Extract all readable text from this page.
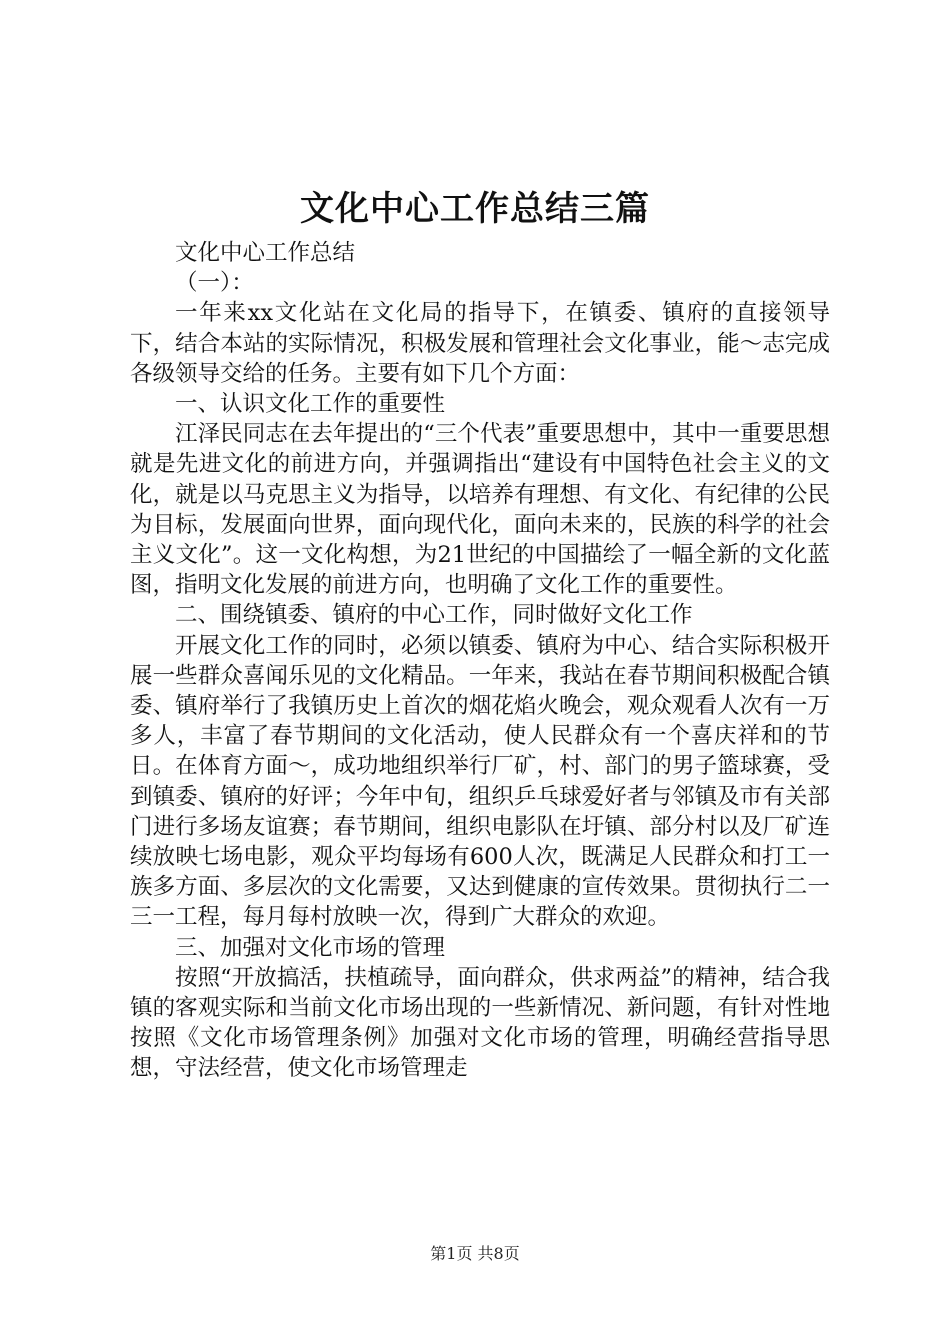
文化中心工作总结三篇

文化中心工作总结

（一）：

一年来xx文化站在文化局的指导下，在镇委、镇府的直接领导下，结合本站的实际情况，积极发展和管理社会文化事业，能～志完成各级领导交给的任务。主要有如下几个方面：

一、认识文化工作的重要性

江泽民同志在去年提出的“三个代表”重要思想中，其中一重要思想就是先进文化的前进方向，并强调指出“建设有中国特色社会主义的文化，就是以马克思主义为指导，以培养有理想、有文化、有纪律的公民为目标，发展面向世界，面向现代化，面向未来的，民族的科学的社会主义文化”。这一文化构想，为21世纪的中国描绘了一幅全新的文化蓝图，指明文化发展的前进方向，也明确了文化工作的重要性。

二、围绕镇委、镇府的中心工作，同时做好文化工作

开展文化工作的同时，必须以镇委、镇府为中心、结合实际积极开展一些群众喜闻乐见的文化精品。一年来，我站在春节期间积极配合镇委、镇府举行了我镇历史上首次的烟花焰火晚会，观众观看人次有一万多人，丰富了春节期间的文化活动，使人民群众有一个喜庆祥和的节日。在体育方面～，成功地组织举行厂矿，村、部门的男子篮球赛，受到镇委、镇府的好评；今年中旬，组织乒乓球爱好者与邻镇及市有关部门进行多场友谊赛；春节期间，组织电影队在圩镇、部分村以及厂矿连续放映七场电影，观众平均每场有600人次，既满足人民群众和打工一族多方面、多层次的文化需要，又达到健康的宣传效果。贯彻执行二一三一工程，每月每村放映一次，得到广大群众的欢迎。

三、加强对文化市场的管理

按照“开放搞活，扶植疏导，面向群众，供求两益”的精神，结合我镇的客观实际和当前文化市场出现的一些新情况、新问题，有针对性地按照《文化市场管理条例》加强对文化市场的管理，明确经营指导思想，守法经营，使文化市场管理走

第1页 共8页
